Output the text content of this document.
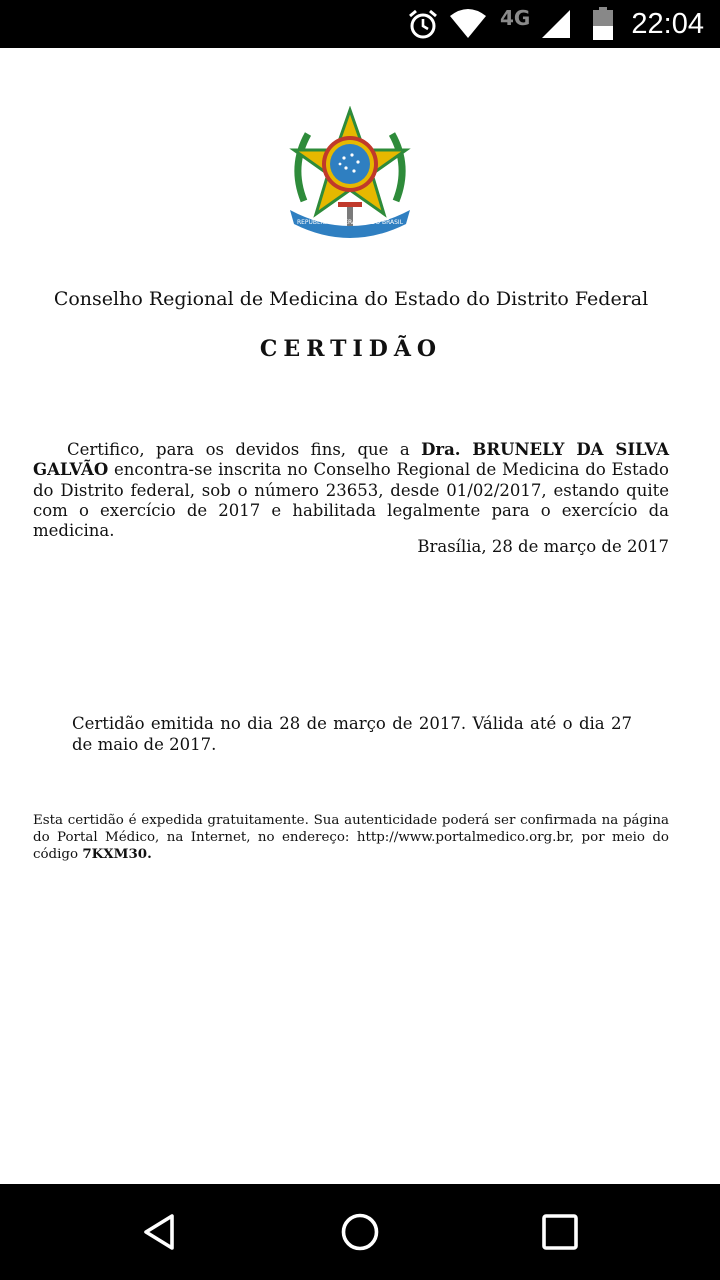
4G	22:04
REPUBLICA FEDERATIVA DO BRASIL
Conselho Regional de Medicina do Estado do Distrito Federal
CERTIDÃO
Certifico, para os devidos fins, que a Dra. BRUNELY DA SILVA GALVÃO encontra-se inscrita no Conselho Regional de Medicina do Estado do Distrito federal, sob o número 23653, desde 01/02/2017, estando quite com o exercício de 2017 e habilitada legalmente para o exercício da medicina.
Brasília, 28 de março de 2017
Certidão emitida no dia 28 de março de 2017. Válida até o dia 27 de maio de 2017.
Esta certidão é expedida gratuitamente. Sua autenticidade poderá ser confirmada na página do Portal Médico, na Internet, no endereço: http://www.portalmedico.org.br, por meio do código 7KXM30.
